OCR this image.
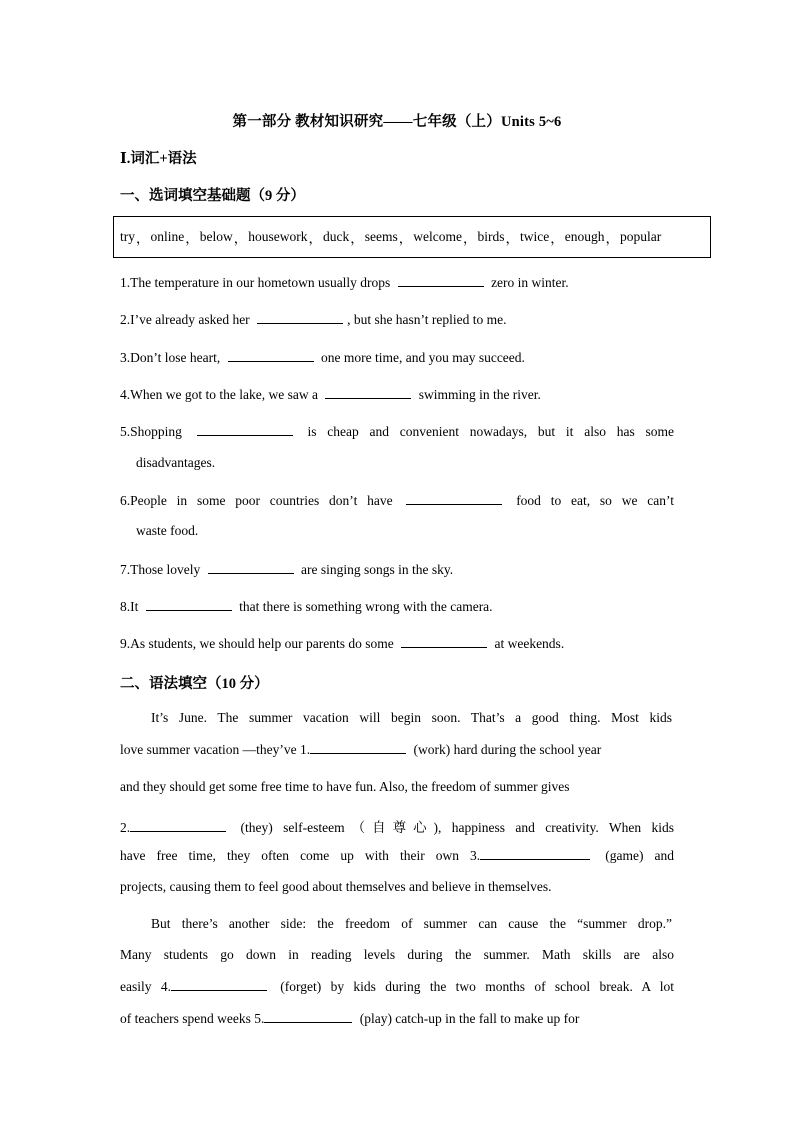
第一部分 教材知识研究——七年级（上）Units 5~6
Ⅰ.词汇+语法
一、选词填空基础题（9 分）
try ， online ， below ， housework ， duck ， seems ， welcome ， birds ， twice ， enough ， popular
1.The temperature in our hometown usually drops	zero in winter.
2.I’ve already asked her	, but she hasn’t replied to me.
3.Don’t lose heart,	one more time, and you may succeed.
4.When we got to the lake, we saw a	swimming in the river.
5.Shopping	is cheap and convenient nowadays, but it also has some
disadvantages.
6.People in some poor countries don’t have	food to eat, so we can’t
waste food.
7.Those lovely	are singing songs in the sky.
8.It	that there is something wrong with the camera.
9.As students, we should help our parents do some	at weekends.
二、语法填空（10 分）
It’s June. The summer vacation will begin soon. That’s a good thing. Most kids
love summer vacation —they’ve 1.	(work) hard during the school year
and they should get some free time to have fun. Also, the freedom of summer gives
2.	(they) self-esteem（自尊心), happiness and creativity. When kids
have free time, they often come up with their own 3.	(game) and
projects, causing them to feel good about themselves and believe in themselves.
But there’s another side: the freedom of summer can cause the “summer drop.”
Many students go down in reading levels during the summer. Math skills are also
easily 4.	(forget) by kids during the two months of school break. A lot
of teachers spend weeks 5.	(play) catch-up in the fall to make up for
